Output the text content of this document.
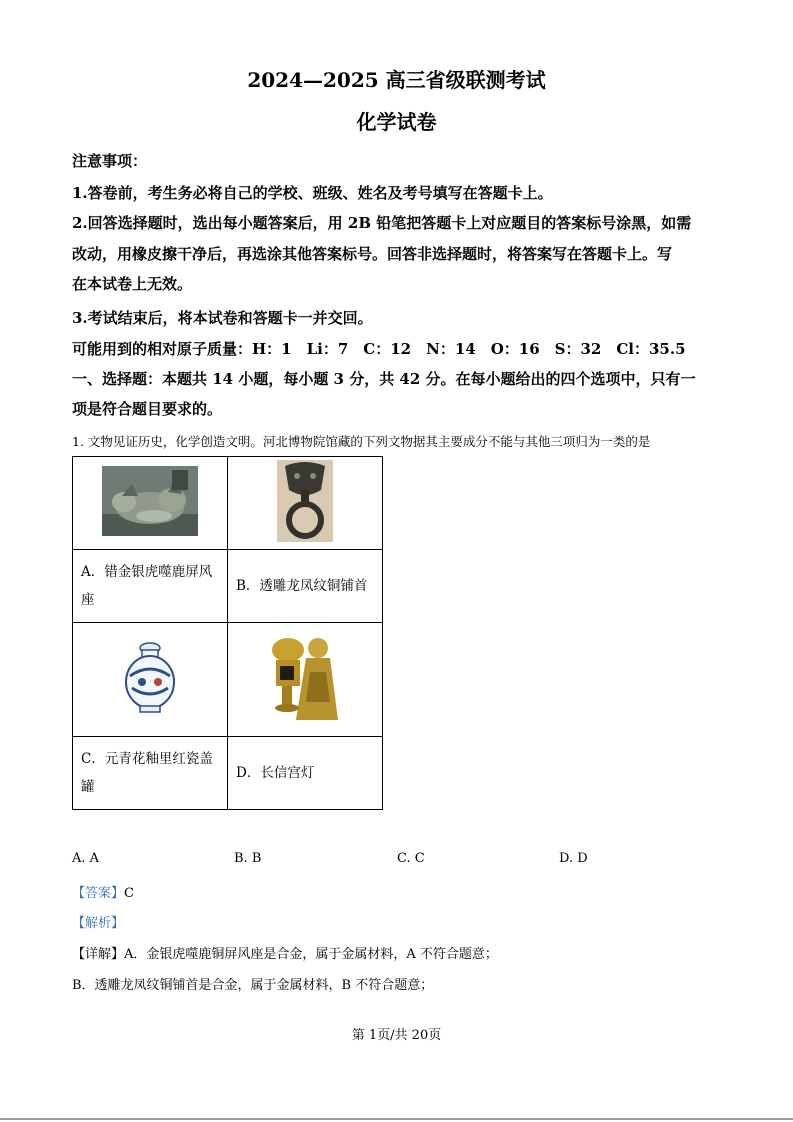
2024—2025 高三省级联测考试
化学试卷
注意事项：
1.答卷前，考生务必将自己的学校、班级、姓名及考号填写在答题卡上。
2.回答选择题时，选出每小题答案后，用 2B 铅笔把答题卡上对应题目的答案标号涂黑，如需
改动，用橡皮擦干净后，再选涂其他答案标号。回答非选择题时，将答案写在答题卡上。写
在本试卷上无效。
3.考试结束后，将本试卷和答题卡一并交回。
可能用到的相对原子质量：H：1　Li：7　C：12　N：14　O：16　S：32　Cl：35.5
一、选择题：本题共 14 小题，每小题 3 分，共 42 分。在每小题给出的四个选项中，只有一
项是符合题目要求的。
1. 文物见证历史，化学创造文明。河北博物院馆藏的下列文物据其主要成分不能与其他三项归为一类的是

A．错金银虎噬鹿屏风座	B．透雕龙凤纹铜铺首

C．元青花釉里红瓷盖罐	D．长信宫灯
A. A	B. B	C. C	D. D
【答案】C
【解析】
【详解】A．金银虎噬鹿铜屏风座是合金，属于金属材料，A 不符合题意；
B．透雕龙凤纹铜铺首是合金，属于金属材料，B 不符合题意；
第 1页/共 20页
